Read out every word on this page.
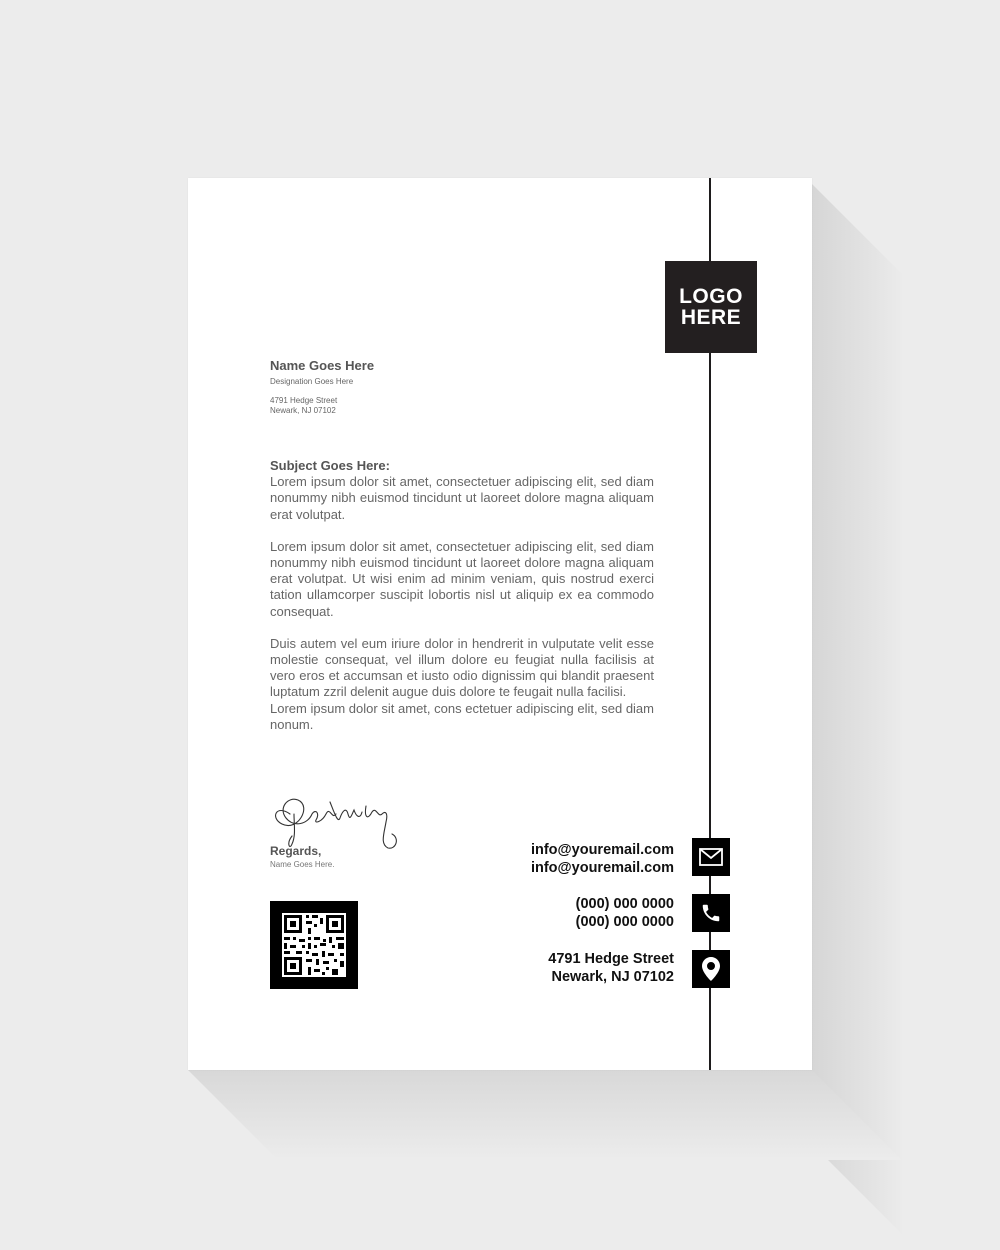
LOGO
HERE
Name Goes Here
Designation Goes Here
4791 Hedge Street
Newark, NJ 07102
Subject Goes Here:

Lorem ipsum dolor sit amet, consectetuer adipiscing elit, sed diam nonummy nibh euismod tincidunt ut laoreet dolore magna aliquam erat volutpat.

Lorem ipsum dolor sit amet, consectetuer adipiscing elit, sed diam nonummy nibh euismod tincidunt ut laoreet dolore magna aliquam erat volutpat. Ut wisi enim ad minim veniam, quis nostrud exerci tation ullamcorper suscipit lobortis nisl ut aliquip ex ea commodo consequat.

Duis autem vel eum iriure dolor in hendrerit in vulputate velit esse molestie consequat, vel illum dolore eu feugiat nulla facilisis at vero eros et accumsan et iusto odio dignissim qui blandit praesent luptatum zzril delenit augue duis dolore te feugait nulla facilisi.

Lorem ipsum dolor sit amet, cons ectetuer adipiscing elit, sed diam nonum.

Regards,
Name Goes Here.
info@youremail.com
info@youremail.com
(000) 000 0000
(000) 000 0000
4791 Hedge Street
Newark, NJ 07102
